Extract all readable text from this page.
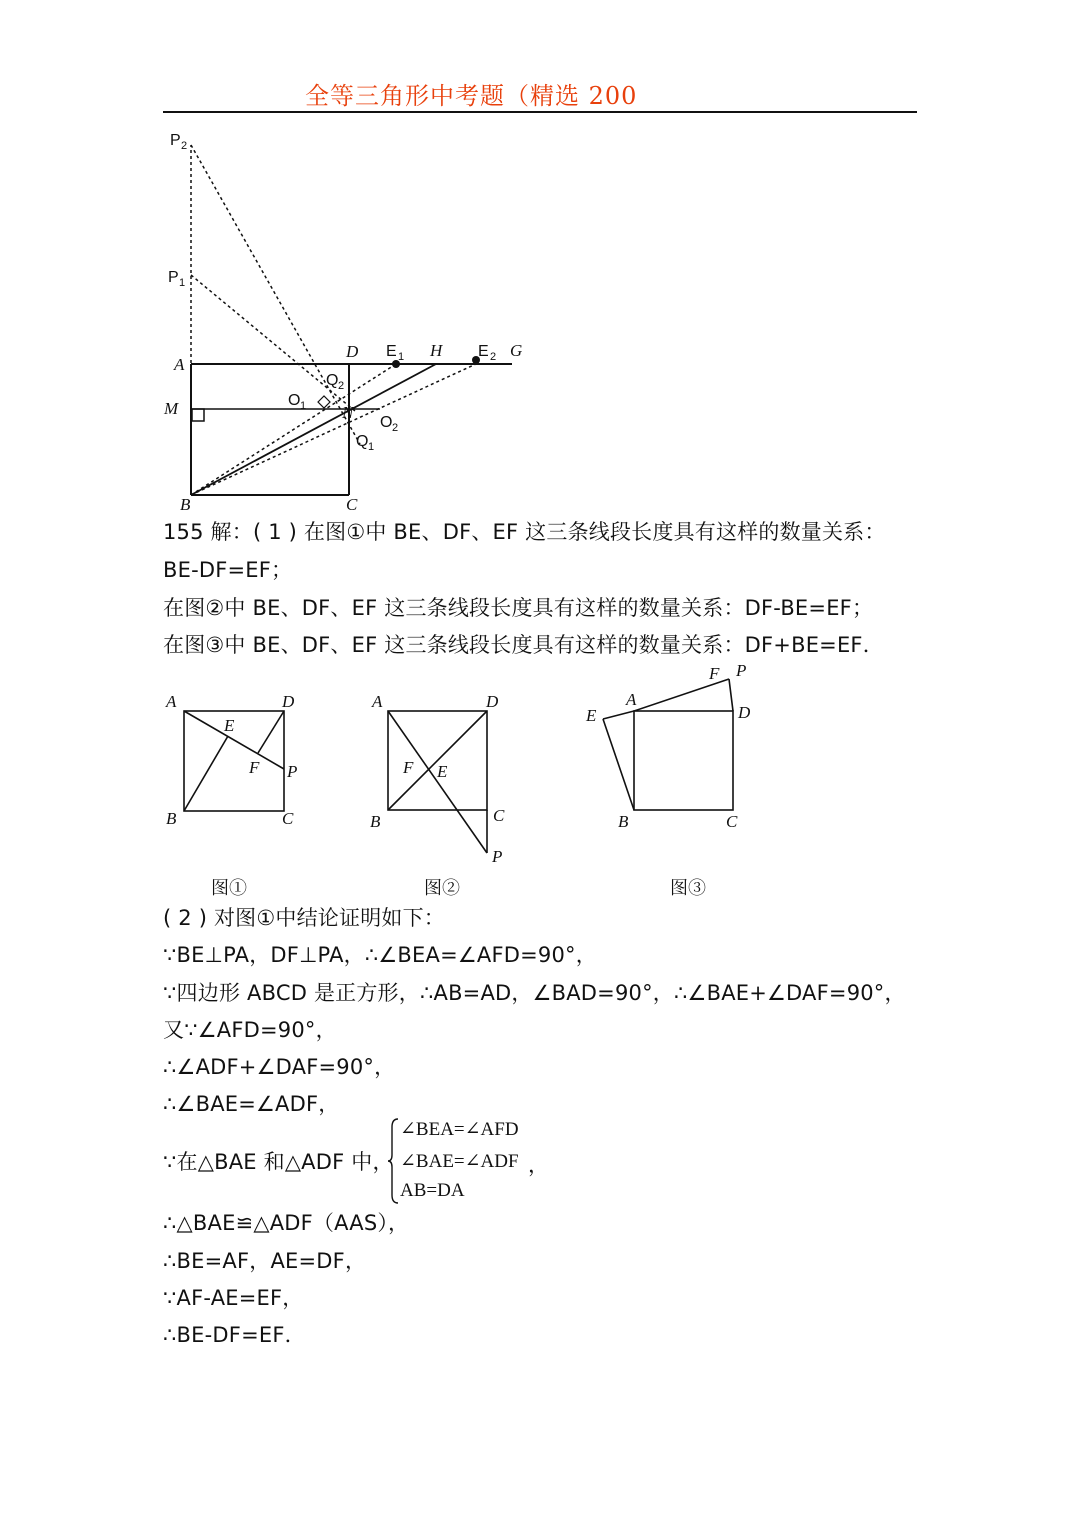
全等三角形中考题（精选 200
P 2
P 1
A
D E 1 H E 2 G
Q 2
M	O 1 N
O 2
Q 1
B	C
155 解：( 1 ) 在图①中 BE、DF、EF 这三条线段长度具有这样的数量关系：
BE-DF=EF；
在图②中 BE、DF、EF 这三条线段长度具有这样的数量关系：DF-BE=EF；
在图③中 BE、DF、EF 这三条线段长度具有这样的数量关系：DF+BE=EF．
A	D
E
F P
B	C
A	D
F E
B	C
P
F P
A
D
E
B	C
图①	图②	图③
( 2 ) 对图①中结论证明如下：
∵BE⊥PA，DF⊥PA，∴∠BEA=∠AFD=90°，
∵四边形 ABCD 是正方形，∴AB=AD，∠BAD=90°，∴∠BAE+∠DAF=90°，
又∵∠AFD=90°，
∴∠ADF+∠DAF=90°，
∴∠BAE=∠ADF，
∵在△BAE 和△ADF 中，
∠BEA=∠AFD
∠BAE=∠ADF
AB=DA
，
∴△BAE≌△ADF（AAS），
∴BE=AF，AE=DF，
∵AF-AE=EF，
∴BE-DF=EF．
